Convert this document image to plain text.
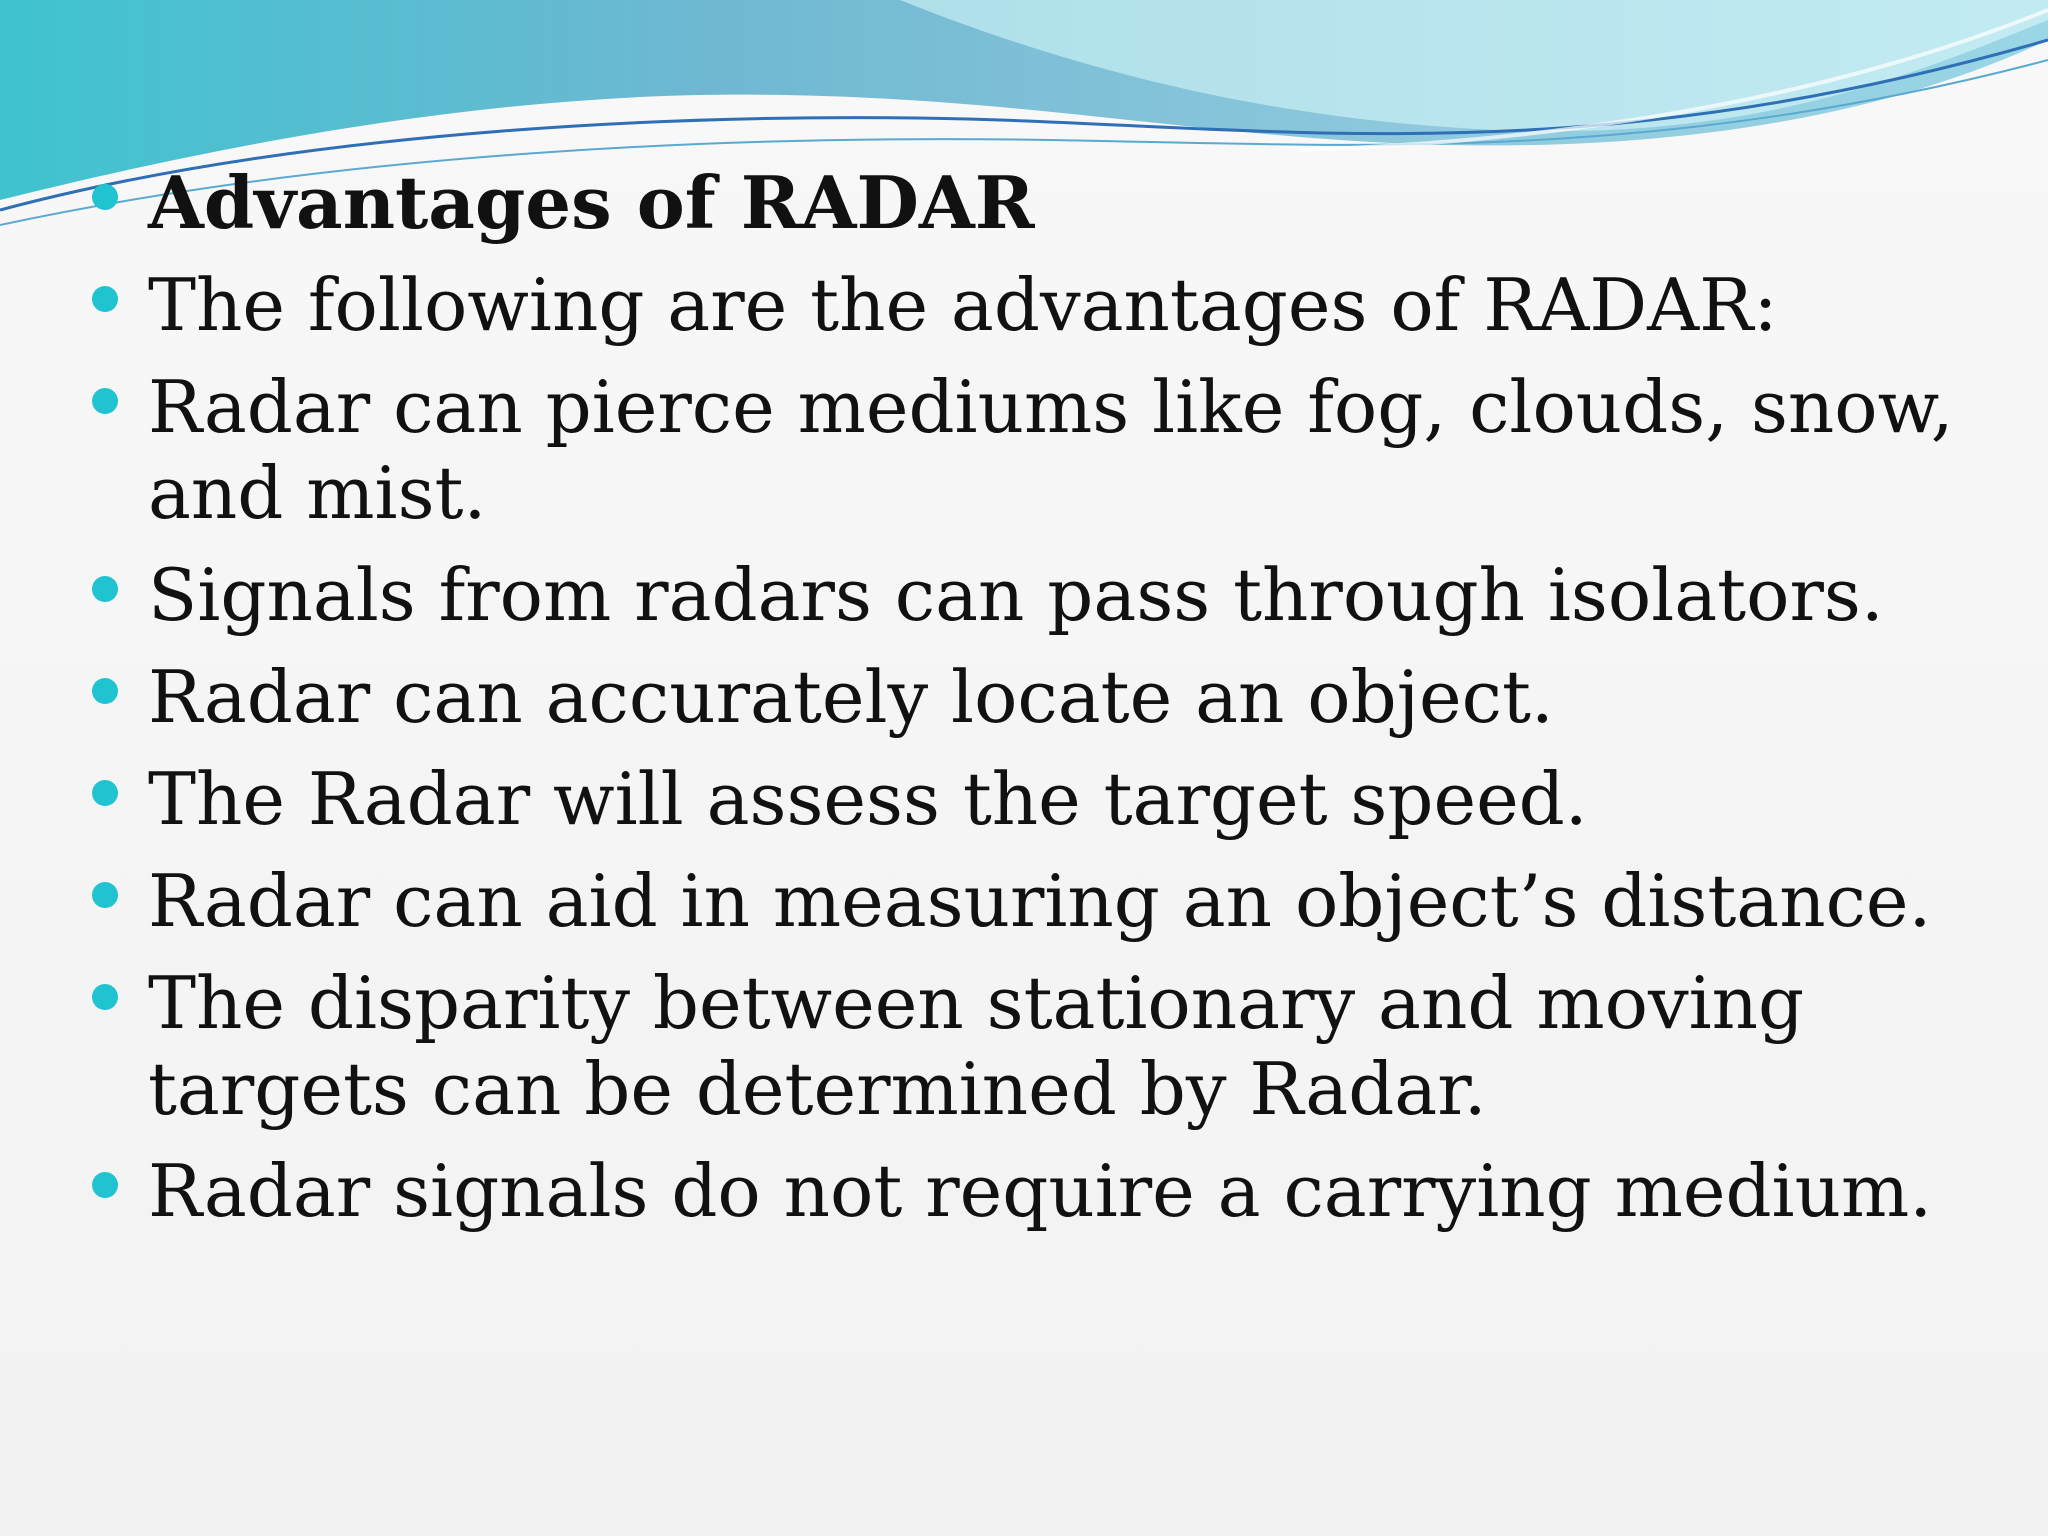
Advantages of RADAR
The following are the advantages of RADAR:
Radar can pierce mediums like fog, clouds, snow, and mist.
Signals from radars can pass through isolators.
Radar can accurately locate an object.
The Radar will assess the target speed.
Radar can aid in measuring an object’s distance.
The disparity between stationary and moving targets can be determined by Radar.
Radar signals do not require a carrying medium.
